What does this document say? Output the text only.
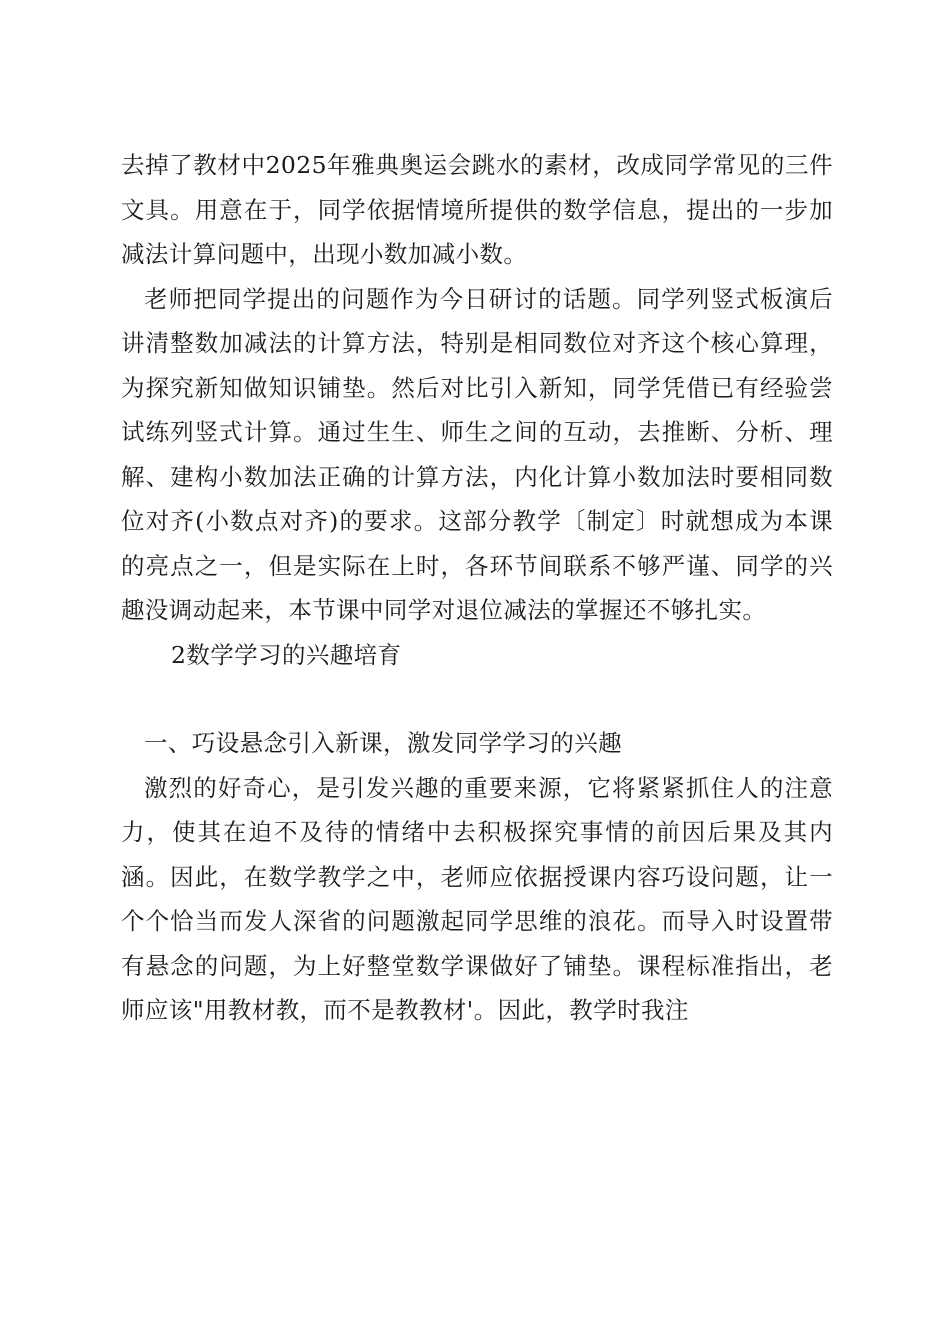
去掉了教材中2025年雅典奥运会跳水的素材，改成同学常见的三件文具。用意在于，同学依据情境所提供的数学信息，提出的一步加减法计算问题中，出现小数加减小数。

老师把同学提出的问题作为今日研讨的话题。同学列竖式板演后讲清整数加减法的计算方法，特别是相同数位对齐这个核心算理，为探究新知做知识铺垫。然后对比引入新知，同学凭借已有经验尝试练列竖式计算。通过生生、师生之间的互动，去推断、分析、理解、建构小数加法正确的计算方法，内化计算小数加法时要相同数位对齐(小数点对齐)的要求。这部分教学〔制定〕时就想成为本课的亮点之一，但是实际在上时，各环节间联系不够严谨、同学的兴趣没调动起来，本节课中同学对退位减法的掌握还不够扎实。

2数学学习的兴趣培育

一、巧设悬念引入新课，激发同学学习的兴趣

激烈的好奇心，是引发兴趣的重要来源，它将紧紧抓住人的注意力，使其在迫不及待的情绪中去积极探究事情的前因后果及其内涵。因此，在数学教学之中，老师应依据授课内容巧设问题，让一个个恰当而发人深省的问题激起同学思维的浪花。而导入时设置带有悬念的问题，为上好整堂数学课做好了铺垫。课程标准指出，老师应该"用教材教，而不是教教材'。因此，教学时我注
